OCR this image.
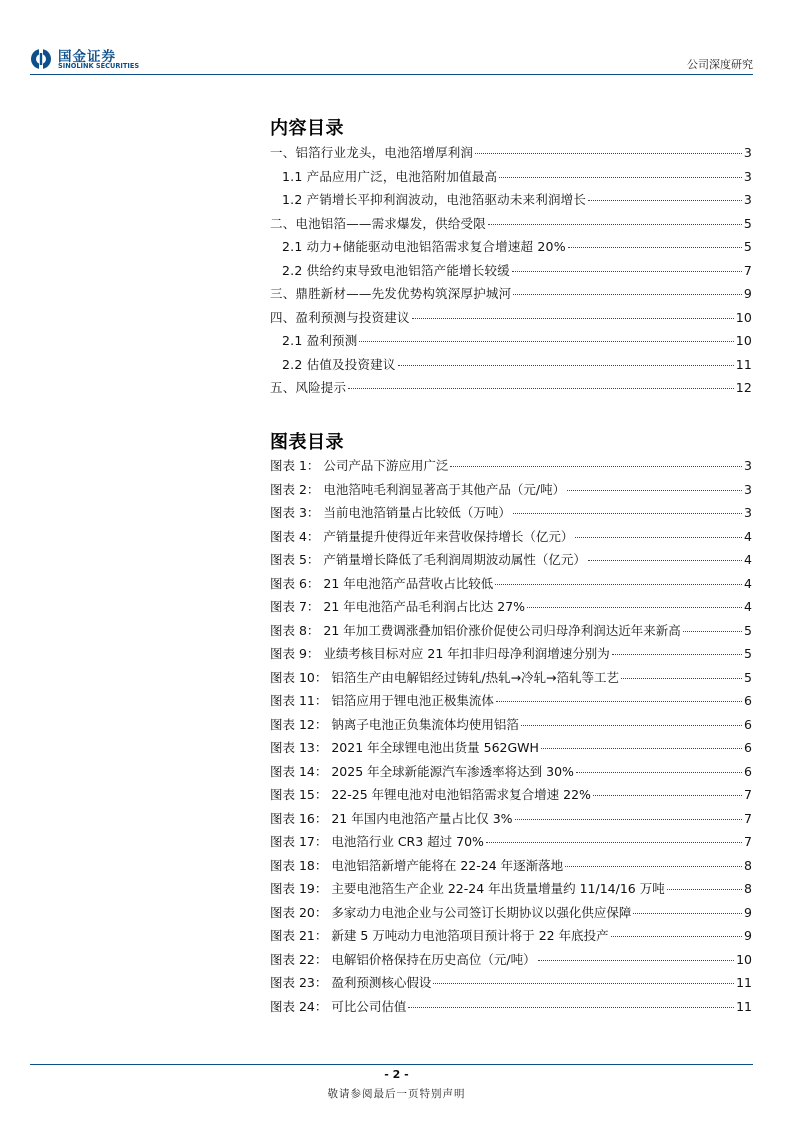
国金证券
SINOLINK SECURITIES	公司深度研究
内容目录
一、铝箔行业龙头，电池箔增厚利润	3
1.1 产品应用广泛，电池箔附加值最高	3
1.2 产销增长平抑利润波动，电池箔驱动未来利润增长	3
二、电池铝箔——需求爆发，供给受限	5
2.1 动力+储能驱动电池铝箔需求复合增速超 20%	5
2.2 供给约束导致电池铝箔产能增长较缓	7
三、鼎胜新材——先发优势构筑深厚护城河	9
四、盈利预测与投资建议	10
2.1 盈利预测	10
2.2 估值及投资建议	11
五、风险提示	12
图表目录
图表 1： 公司产品下游应用广泛	3
图表 2： 电池箔吨毛利润显著高于其他产品（元/吨）	3
图表 3： 当前电池箔销量占比较低（万吨）	3
图表 4： 产销量提升使得近年来营收保持增长（亿元）	4
图表 5： 产销量增长降低了毛利润周期波动属性（亿元）	4
图表 6： 21 年电池箔产品营收占比较低	4
图表 7： 21 年电池箔产品毛利润占比达 27%	4
图表 8： 21 年加工费调涨叠加铝价涨价促使公司归母净利润达近年来新高	5
图表 9： 业绩考核目标对应 21 年扣非归母净利润增速分别为	5
图表 10： 铝箔生产由电解铝经过铸轧/热轧→冷轧→箔轧等工艺	5
图表 11： 铝箔应用于锂电池正极集流体	6
图表 12： 钠离子电池正负集流体均使用铝箔	6
图表 13： 2021 年全球锂电池出货量 562GWH	6
图表 14： 2025 年全球新能源汽车渗透率将达到 30%	6
图表 15： 22-25 年锂电池对电池铝箔需求复合增速 22%	7
图表 16： 21 年国内电池箔产量占比仅 3%	7
图表 17： 电池箔行业 CR3 超过 70%	7
图表 18： 电池铝箔新增产能将在 22-24 年逐渐落地	8
图表 19： 主要电池箔生产企业 22-24 年出货量增量约 11/14/16 万吨	8
图表 20： 多家动力电池企业与公司签订长期协议以强化供应保障	9
图表 21： 新建 5 万吨动力电池箔项目预计将于 22 年底投产	9
图表 22： 电解铝价格保持在历史高位（元/吨）	10
图表 23： 盈利预测核心假设	11
图表 24： 可比公司估值	11
- 2 -
敬请参阅最后一页特别声明
